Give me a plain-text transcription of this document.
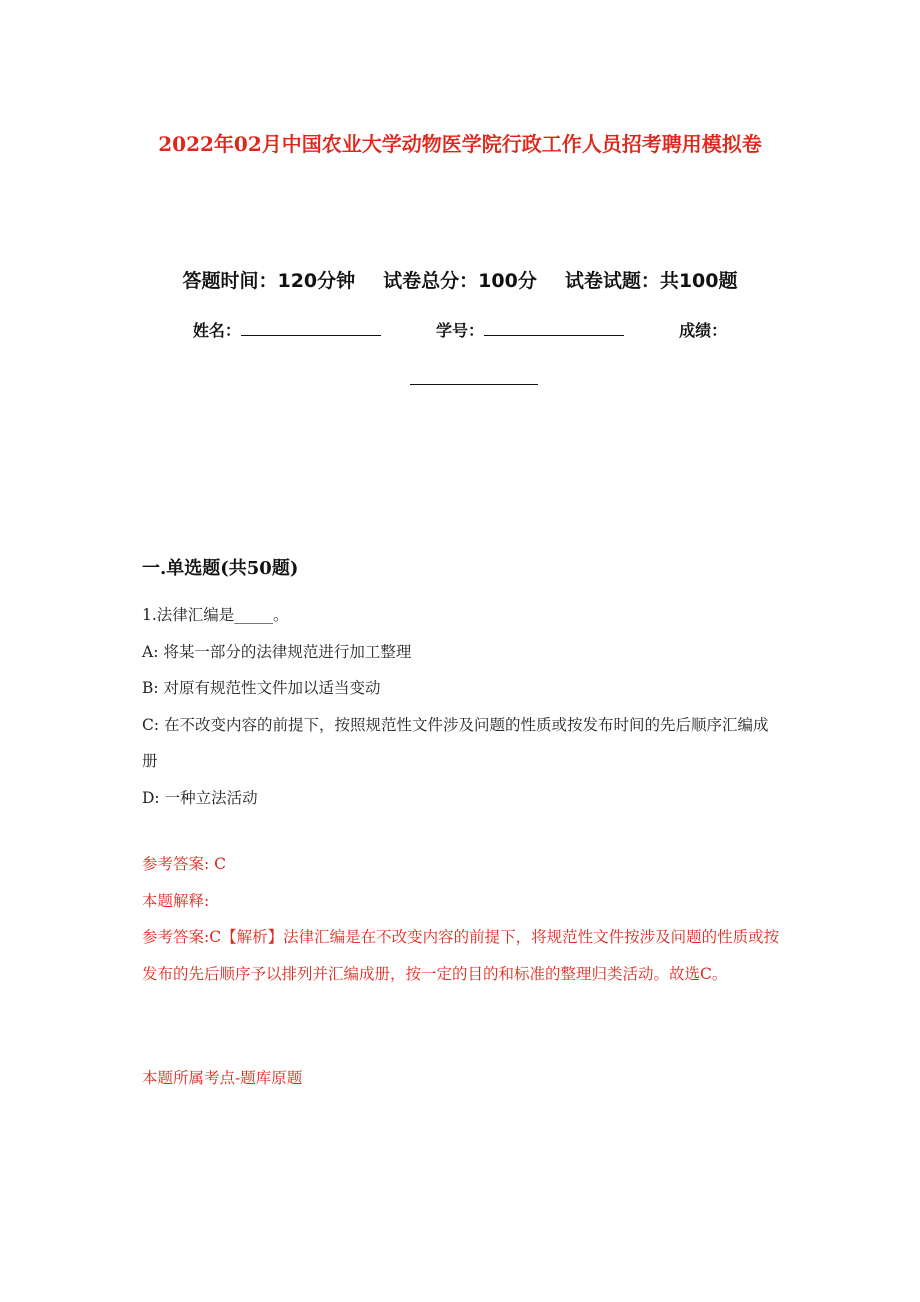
2022年02月中国农业大学动物医学院行政工作人员招考聘用模拟卷
答题时间：120分钟 试卷总分：100分 试卷试题：共100题
姓名：	学号：	成绩：
一.单选题(共50题)

1.法律汇编是_____。

A: 将某一部分的法律规范进行加工整理

B: 对原有规范性文件加以适当变动

C: 在不改变内容的前提下，按照规范性文件涉及问题的性质或按发布时间的先后顺序汇编成册

D: 一种立法活动

参考答案: C

本题解释:

参考答案:C【解析】法律汇编是在不改变内容的前提下，将规范性文件按涉及问题的性质或按发布的先后顺序予以排列并汇编成册，按一定的目的和标准的整理归类活动。故选C。

本题所属考点-题库原题
